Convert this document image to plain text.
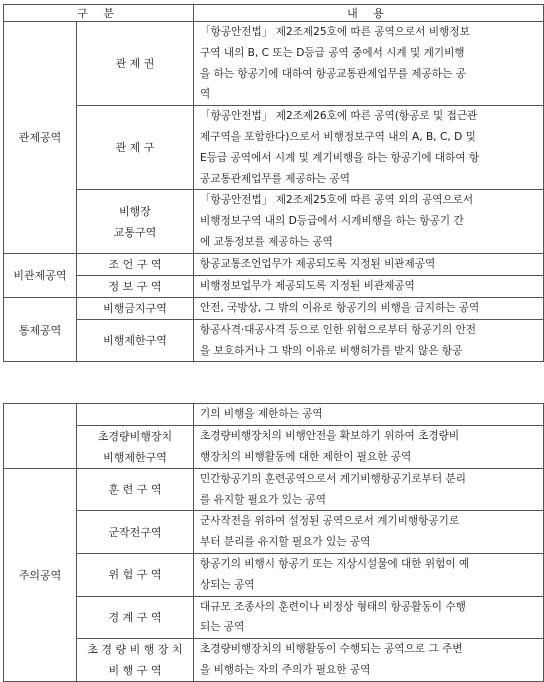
구 분		내 용
관제공역	관 제 권	「항공안전법」 제2조제25호에 따른 공역으로서 비행정보
구역 내의 B, C 또는 D등급 공역 중에서 시계 및 계기비행
을 하는 항공기에 대하여 항공교통관제업무를 제공하는 공
역

	관 제 구	「항공안전법」 제2조제26호에 따른 공역(항공로 및 접근관
제구역을 포함한다)으로서 비행정보구역 내의 A, B, C, D 및
E등급 공역에서 시계 및 계기비행을 하는 항공기에 대하여 항
공교통관제업무를 제공하는 공역

	비행장
교통구역	「항공안전법」 제2조제25호에 따른 공역 외의 공역으로서
비행정보구역 내의 D등급에서 시계비행을 하는 항공기 간
에 교통정보를 제공하는 공역

비관제공역	조 언 구 역	항공교통조언업무가 제공되도록 지정된 비관제공역

	정 보 구 역	비행정보업무가 제공되도록 지정된 비관제공역

통제공역	비행금지구역	안전, 국방상, 그 밖의 이유로 항공기의 비행을 금지하는 공역

	비행제한구역	항공사격·대공사격 등으로 인한 위험으로부터 항공기의 안전
을 보호하거나 그 밖의 이유로 비행허가를 받지 않은 항공

		기의 비행을 제한하는 공역

	초경량비행장치
비행제한구역	초경량비행장치의 비행안전을 확보하기 위하여 초경량비
행장치의 비행활동에 대한 제한이 필요한 공역

주의공역	훈 련 구 역	민간항공기의 훈련공역으로서 계기비행항공기로부터 분리
를 유지할 필요가 있는 공역

	군작전구역	군사작전을 위하여 설정된 공역으로서 계기비행항공기로
부터 분리를 유지할 필요가 있는 공역

	위 험 구 역	항공기의 비행시 항공기 또는 지상시설물에 대한 위험이 예
상되는 공역

	경 계 구 역	대규모 조종사의 훈련이나 비정상 형태의 항공활동이 수행
되는 공역

	초 경 량 비 행 장 치
비 행 구 역	초경량비행장치의 비행활동이 수행되는 공역으로 그 주변
을 비행하는 자의 주의가 필요한 공역
